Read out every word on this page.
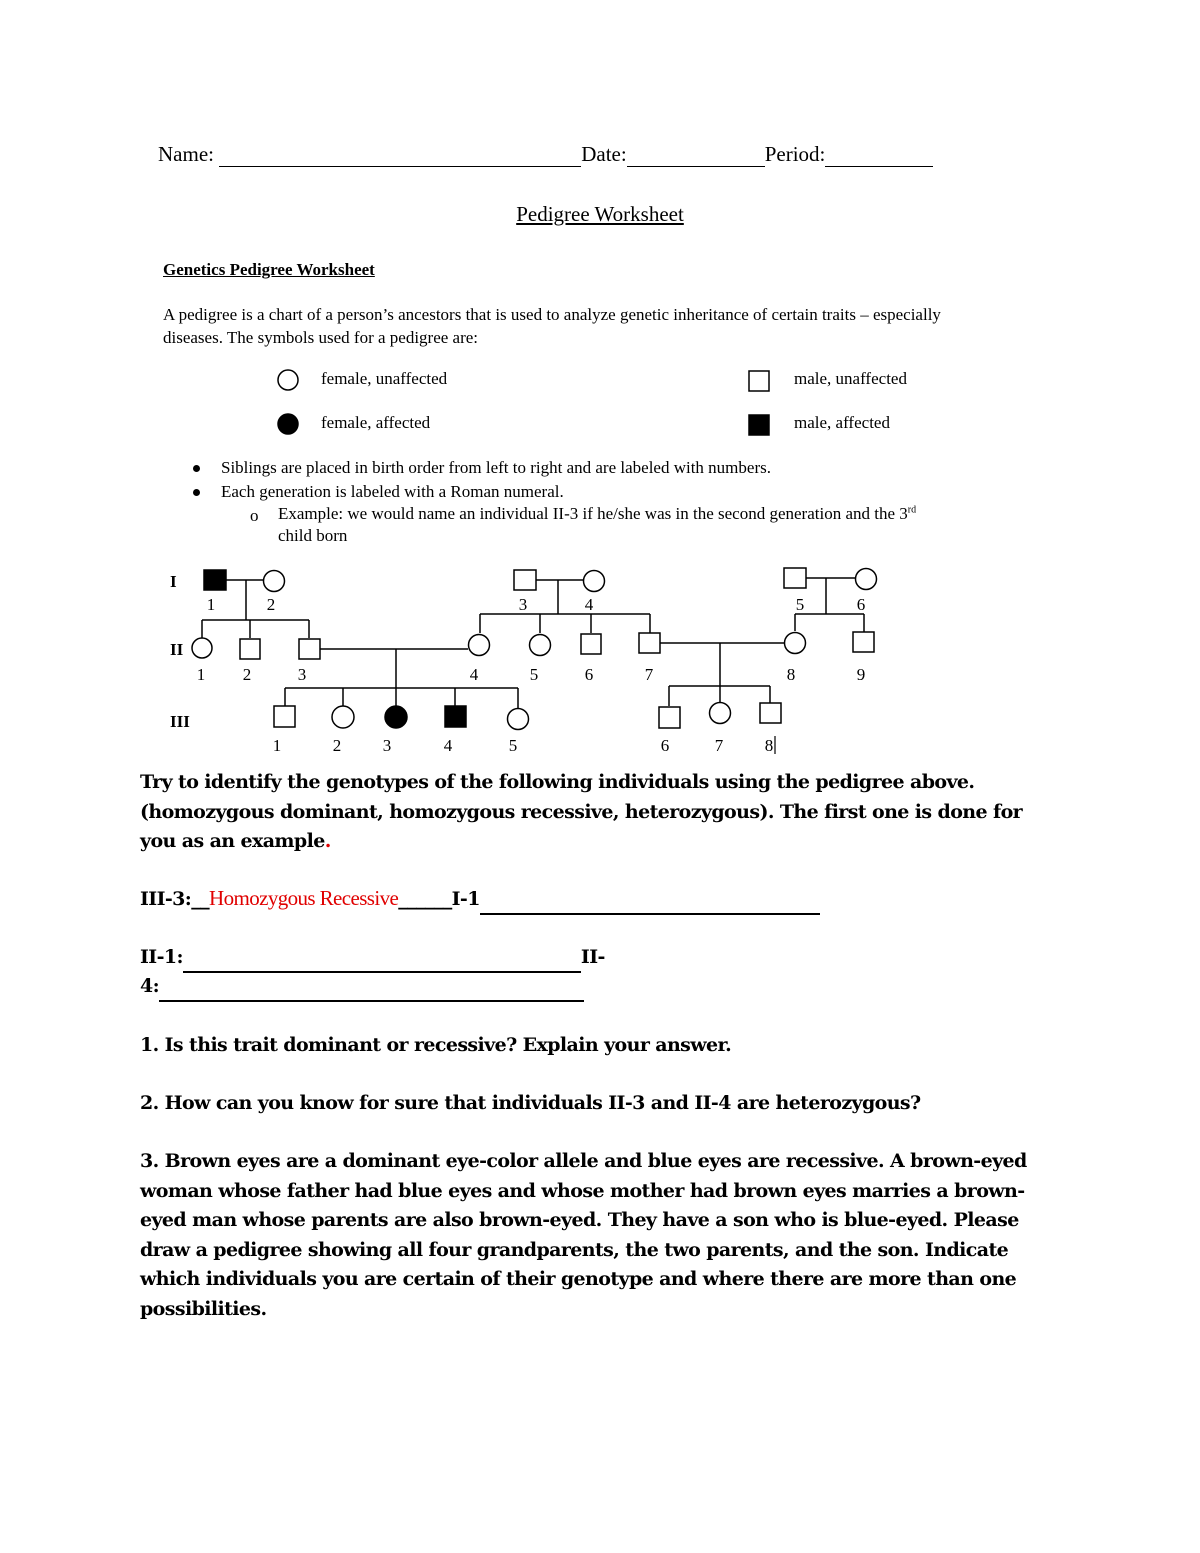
Name:	Date:	Period:
Pedigree Worksheet
Genetics Pedigree Worksheet
A pedigree is a chart of a person’s ancestors that is used to analyze genetic inheritance of certain traits – especially diseases. The symbols used for a pedigree are:
female, unaffected
female, affected
male, unaffected
male, affected
Siblings are placed in birth order from left to right and are labeled with numbers.
Each generation is labeled with a Roman numeral.
o Example: we would name an individual II-3 if he/she was in the second generation and the 3rd
child born
I
II
III
1	2	3	4	5	6
1 2	3	4	5	6	7	8	9
1	2 3	4	5	6	7 8
Try to identify the genotypes of the following individuals using the pedigree above. (homozygous dominant, homozygous recessive, heterozygous). The first one is done for you as an example.
III-3:__Homozygous Recessive______I-1
II-1:	II-
4:
1. Is this trait dominant or recessive? Explain your answer.
2. How can you know for sure that individuals II-3 and II-4 are heterozygous?
3. Brown eyes are a dominant eye-color allele and blue eyes are recessive. A brown-eyed woman whose father had blue eyes and whose mother had brown eyes marries a brown-eyed man whose parents are also brown-eyed. They have a son who is blue-eyed. Please draw a pedigree showing all four grandparents, the two parents, and the son. Indicate which individuals you are certain of their genotype and where there are more than one possibilities.
